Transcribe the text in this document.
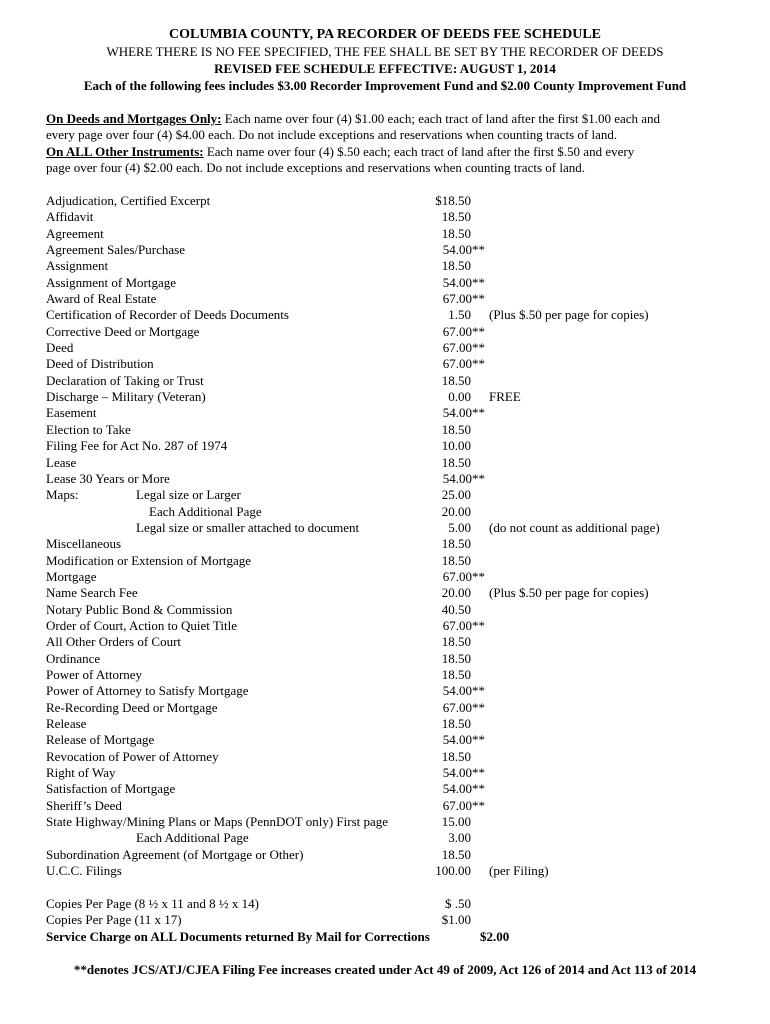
COLUMBIA COUNTY, PA RECORDER OF DEEDS FEE SCHEDULE
WHERE THERE IS NO FEE SPECIFIED, THE FEE SHALL BE SET BY THE RECORDER OF DEEDS
REVISED FEE SCHEDULE EFFECTIVE: AUGUST 1, 2014
Each of the following fees includes $3.00 Recorder Improvement Fund and $2.00 County Improvement Fund
On Deeds and Mortgages Only: Each name over four (4) $1.00 each; each tract of land after the first $1.00 each and
every page over four (4) $4.00 each. Do not include exceptions and reservations when counting tracts of land.
On ALL Other Instruments: Each name over four (4) $.50 each; each tract of land after the first $.50 and every
page over four (4) $2.00 each. Do not include exceptions and reservations when counting tracts of land.
Adjudication, Certified Excerpt	$18.50
Affidavit	18.50
Agreement	18.50
Agreement Sales/Purchase	54.00**
Assignment	18.50
Assignment of Mortgage	54.00**
Award of Real Estate	67.00**
Certification of Recorder of Deeds Documents	1.50 (Plus $.50 per page for copies)
Corrective Deed or Mortgage	67.00**
Deed	67.00**
Deed of Distribution	67.00**
Declaration of Taking or Trust	18.50
Discharge – Military (Veteran)	0.00 FREE
Easement	54.00**
Election to Take	18.50
Filing Fee for Act No. 287 of 1974	10.00
Lease	18.50
Lease 30 Years or More	54.00**
Maps:	Legal size or Larger	25.00
Each Additional Page	20.00
Legal size or smaller attached to document	5.00 (do not count as additional page)
Miscellaneous	18.50
Modification or Extension of Mortgage	18.50
Mortgage	67.00**
Name Search Fee	20.00 (Plus $.50 per page for copies)
Notary Public Bond & Commission	40.50
Order of Court, Action to Quiet Title	67.00**
All Other Orders of Court	18.50
Ordinance	18.50
Power of Attorney	18.50
Power of Attorney to Satisfy Mortgage	54.00**
Re-Recording Deed or Mortgage	67.00**
Release	18.50
Release of Mortgage	54.00**
Revocation of Power of Attorney	18.50
Right of Way	54.00**
Satisfaction of Mortgage	54.00**
Sheriff’s Deed	67.00**
State Highway/Mining Plans or Maps (PennDOT only) First page	15.00
Each Additional Page	3.00
Subordination Agreement (of Mortgage or Other)	18.50
U.C.C. Filings	100.00 (per Filing)
Copies Per Page (8 ½ x 11 and 8 ½ x 14)	$ .50
Copies Per Page (11 x 17)	$1.00
Service Charge on ALL Documents returned By Mail for Corrections	$2.00
**denotes JCS/ATJ/CJEA Filing Fee increases created under Act 49 of 2009, Act 126 of 2014 and Act 113 of 2014
